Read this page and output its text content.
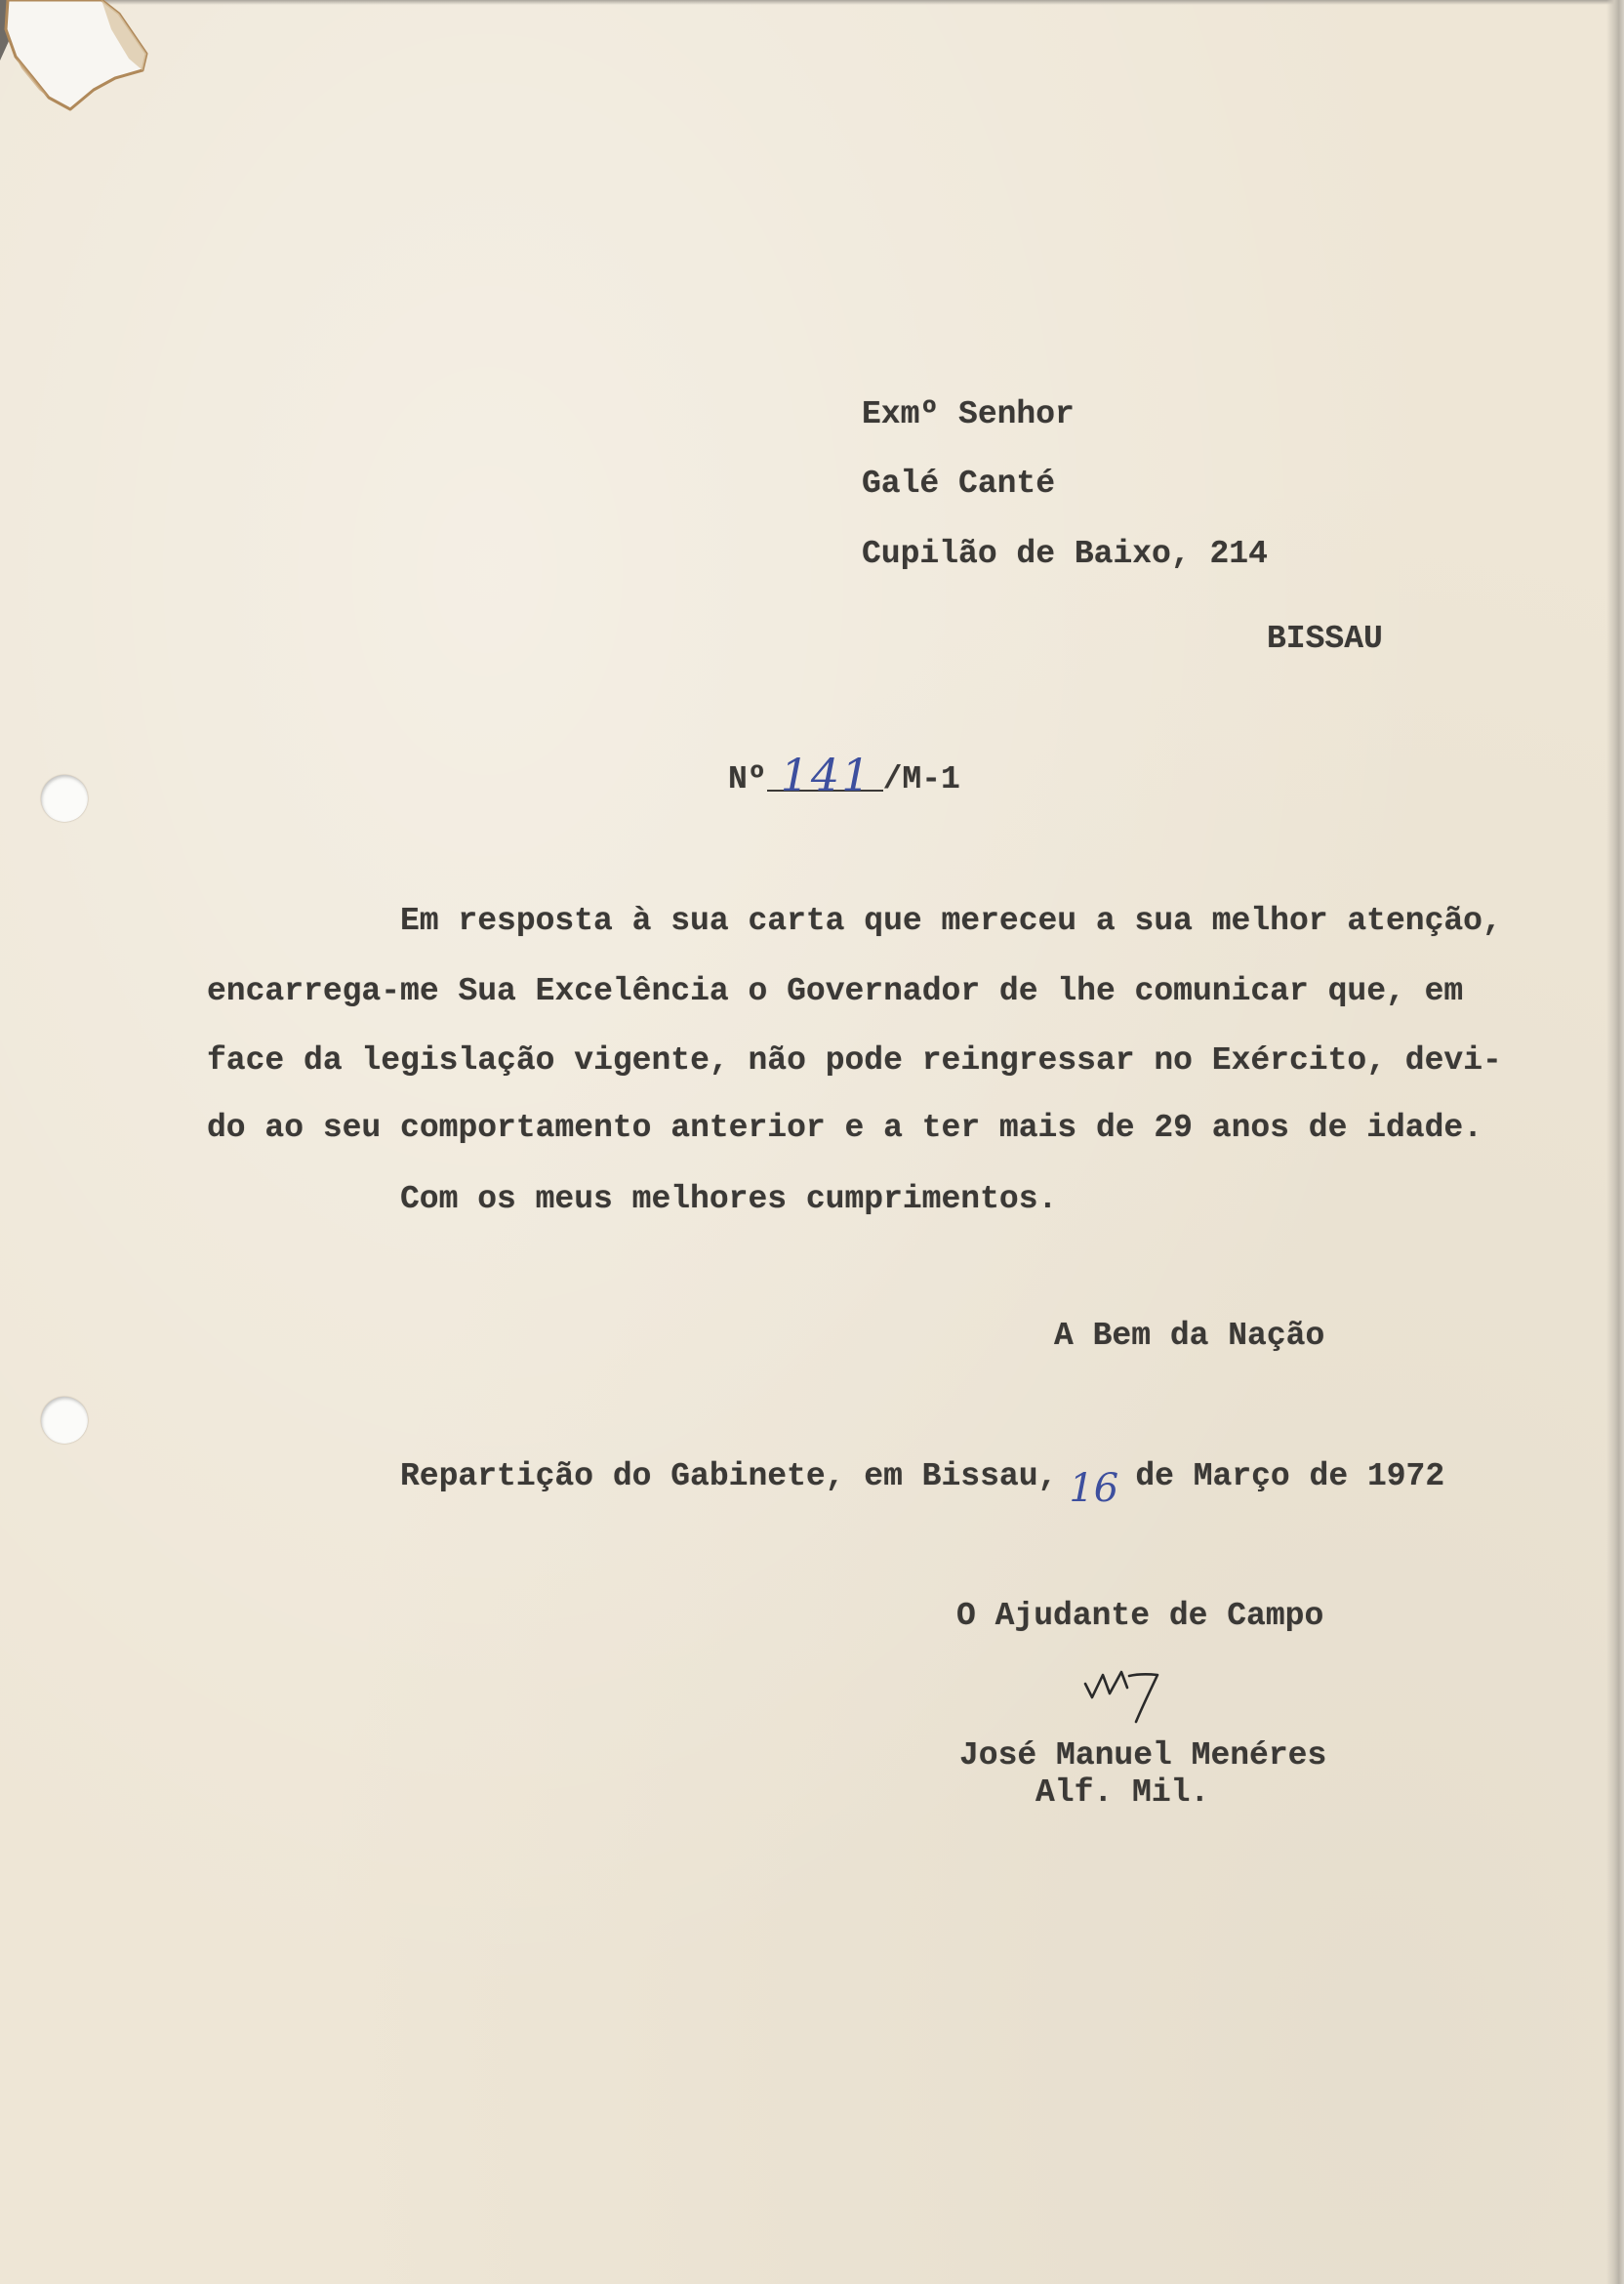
Exmº Senhor
Galé Canté
Cupilão de Baixo, 214
BISSAU
Nº 141 /M-1
Em resposta à sua carta que mereceu a sua melhor atenção,
encarrega-me Sua Excelência o Governador de lhe comunicar que, em
face da legislação vigente, não pode reingressar no Exército, devi-
do ao seu comportamento anterior e a ter mais de 29 anos de idade.
Com os meus melhores cumprimentos.
A Bem da Nação
Repartição do Gabinete, em Bissau, 16 de Março de 1972
O Ajudante de Campo
José Manuel Menéres
Alf. Mil.
